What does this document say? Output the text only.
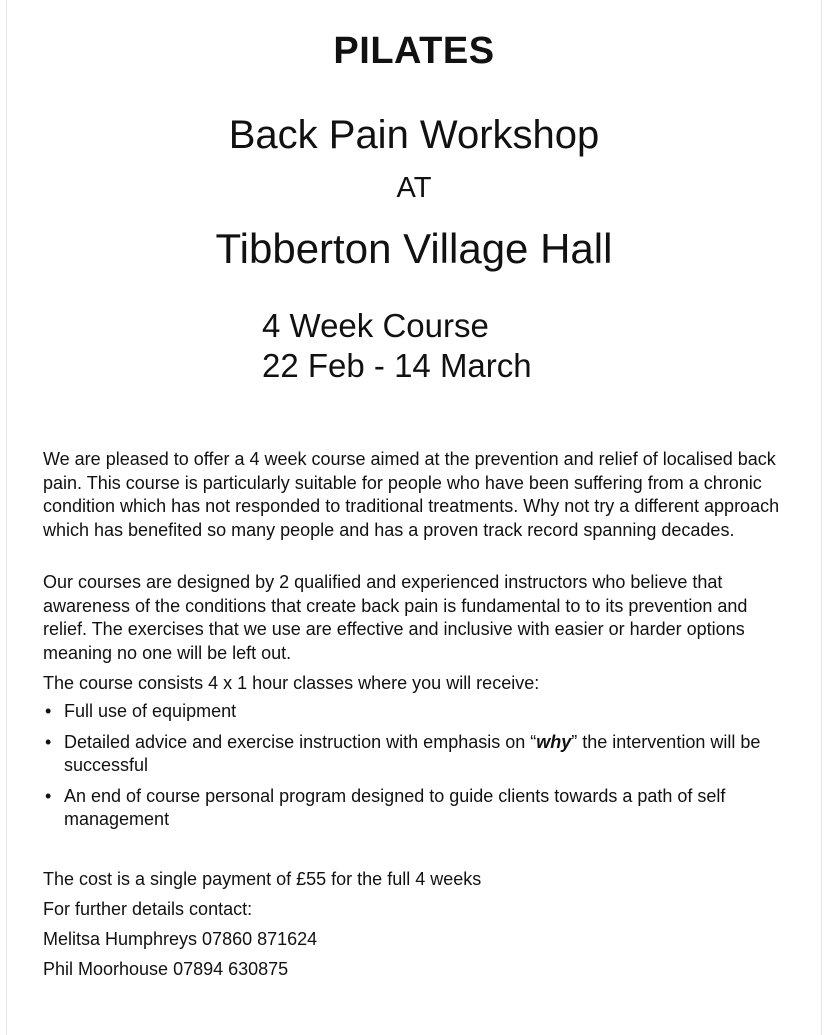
PILATES
Back Pain Workshop
AT
Tibberton Village Hall
4 Week Course
22 Feb - 14 March

We are pleased to offer a 4 week course aimed at the prevention and relief of localised back pain. This course is particularly suitable for people who have been suffering from a chronic condition which has not responded to traditional treatments. Why not try a different approach which has benefited so many people and has a proven track record spanning decades.

Our courses are designed by 2 qualified and experienced instructors who believe that awareness of the conditions that create back pain is fundamental to to its prevention and relief. The exercises that we use are effective and inclusive with easier or harder options meaning no one will be left out.

The course consists 4 x 1 hour classes where you will receive:

• Full use of equipment
• Detailed advice and exercise instruction with emphasis on “why” the intervention will be successful
• An end of course personal program designed to guide clients towards a path of self management
The cost is a single payment of £55 for the full 4 weeks
For further details contact:
Melitsa Humphreys 07860 871624
Phil Moorhouse 07894 630875
